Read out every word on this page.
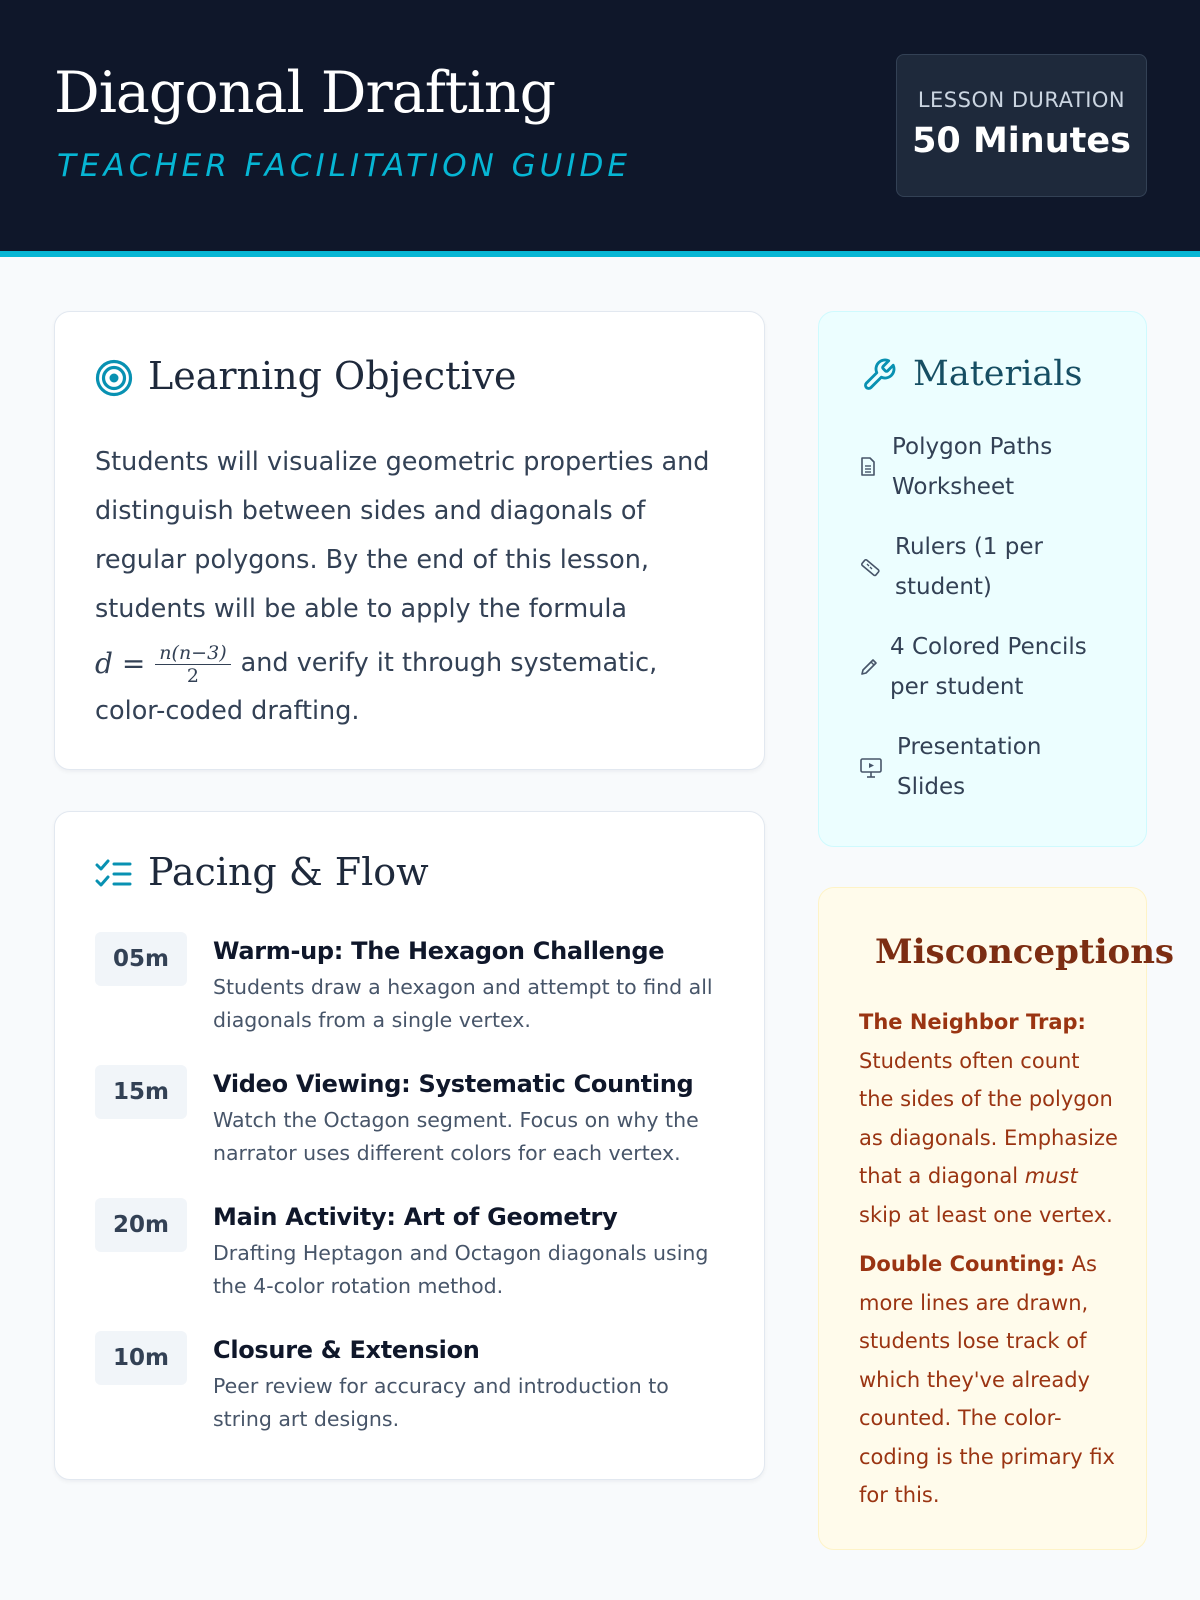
Diagonal Drafting
TEACHER FACILITATION GUIDE
LESSON DURATION
50 Minutes
Learning Objective
Students will visualize geometric properties and
distinguish between sides and diagonals of
regular polygons. By the end of this lesson,
students will be able to apply the formula
$d = \frac{n(n-3)}{2}$ and verify it through systematic,
color-coded drafting.
Pacing & Flow
05m	Warm-up: The Hexagon Challenge
Students draw a hexagon and attempt to find all diagonals from a single vertex.
15m	Video Viewing: Systematic Counting
Watch the Octagon segment. Focus on why the narrator uses different colors for each vertex.
20m	Main Activity: Art of Geometry
Drafting Heptagon and Octagon diagonals using the 4-color rotation method.
10m	Closure & Extension
Peer review for accuracy and introduction to string art designs.
Materials
Polygon Paths
Worksheet
Rulers (1 per
student)
4 Colored Pencils
per student
Presentation
Slides
Misconceptions
The Neighbor Trap:
Students often count
the sides of the polygon
as diagonals. Emphasize
that a diagonal must
skip at least one vertex.
Double Counting: As
more lines are drawn,
students lose track of
which they've already
counted. The color-
coding is the primary fix
for this.
